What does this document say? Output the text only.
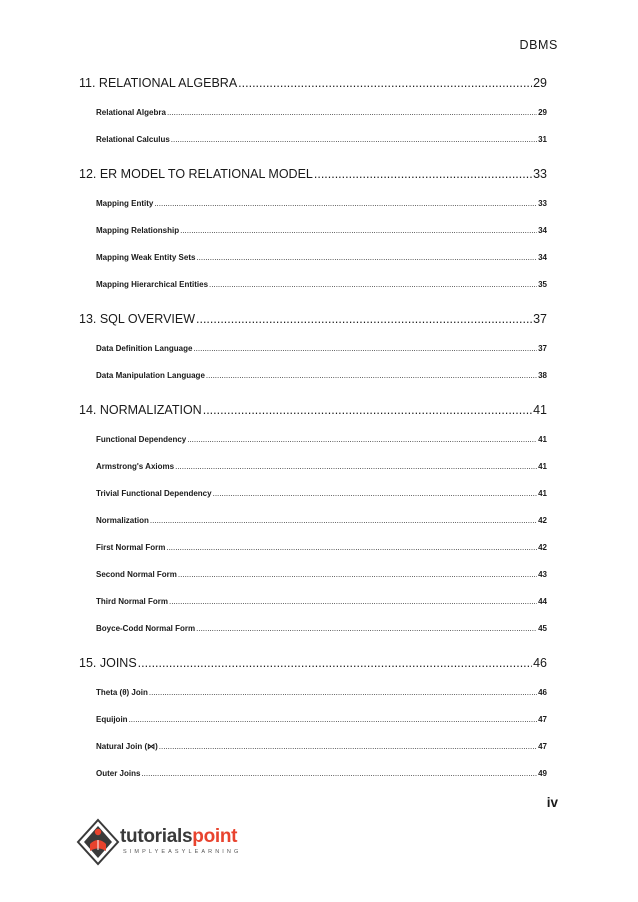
DBMS
11. RELATIONAL ALGEBRA .....	29
Relational Algebra .....	29
Relational Calculus .....	31
12. ER MODEL TO RELATIONAL MODEL .....	33
Mapping Entity .....	33
Mapping Relationship .....	34
Mapping Weak Entity Sets .....	34
Mapping Hierarchical Entities .....	35
13. SQL OVERVIEW .....	37
Data Definition Language .....	37
Data Manipulation Language .....	38
14. NORMALIZATION .....	41
Functional Dependency .....	41
Armstrong's Axioms .....	41
Trivial Functional Dependency .....	41
Normalization .....	42
First Normal Form .....	42
Second Normal Form .....	43
Third Normal Form .....	44
Boyce-Codd Normal Form .....	45
15. JOINS .....	46
Theta (θ) Join .....	46
Equijoin .....	47
Natural Join (⋈) .....	47
Outer Joins .....	49
iv
tutorialspoint
SIMPLYEASYLEARNING
